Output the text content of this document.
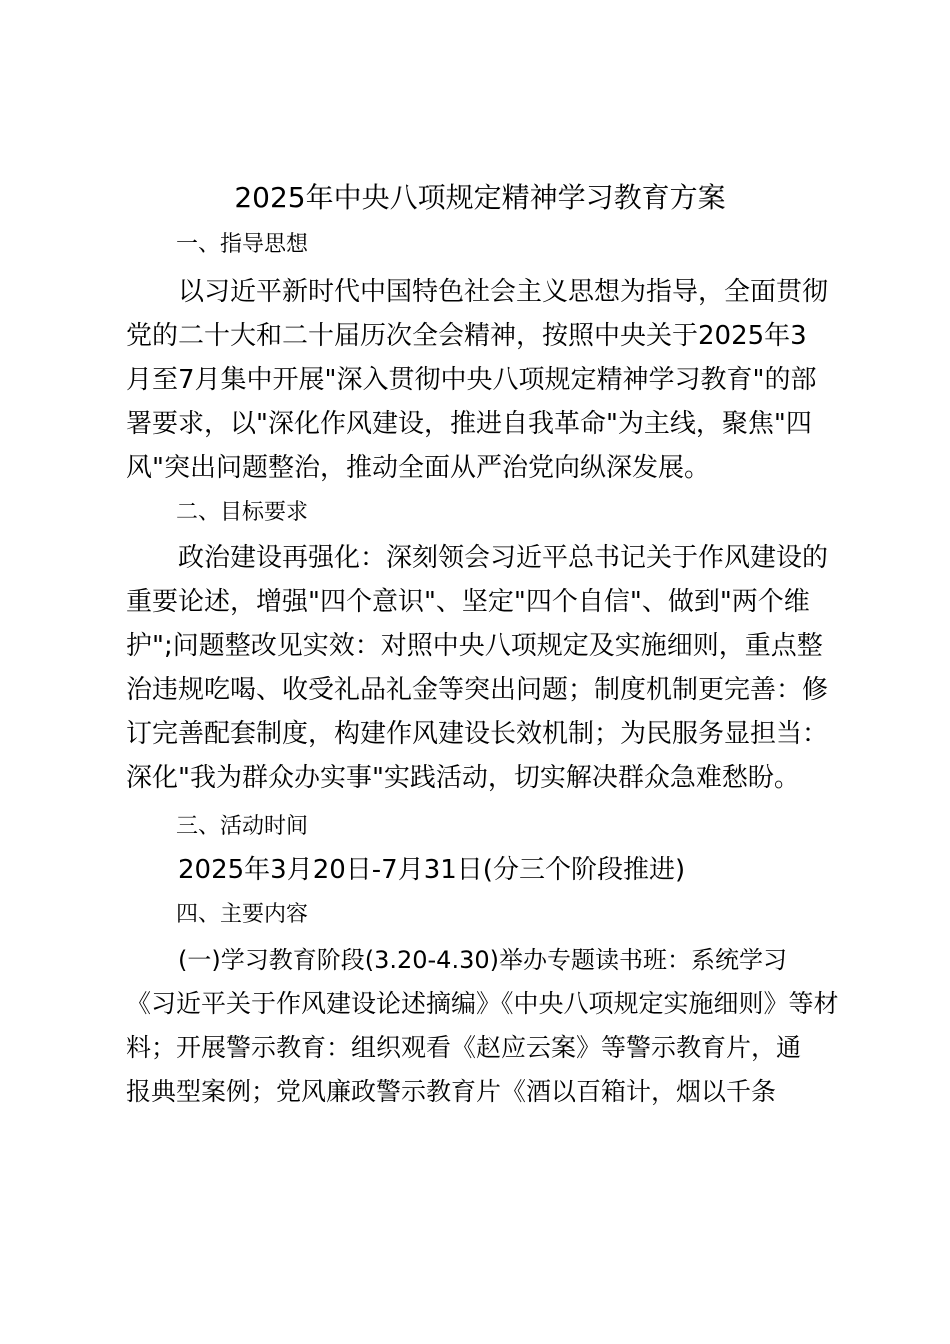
2025年中央八项规定精神学习教育方案
一、指导思想
以习近平新时代中国特色社会主义思想为指导，全面贯彻
党的二十大和二十届历次全会精神，按照中央关于2025年3
月至7月集中开展"深入贯彻中央八项规定精神学习教育"的部
署要求，以"深化作风建设，推进自我革命"为主线，聚焦"四
风"突出问题整治，推动全面从严治党向纵深发展。
二、目标要求
政治建设再强化：深刻领会习近平总书记关于作风建设的
重要论述，增强"四个意识"、坚定"四个自信"、做到"两个维
护";问题整改见实效：对照中央八项规定及实施细则，重点整
治违规吃喝、收受礼品礼金等突出问题；制度机制更完善：修
订完善配套制度，构建作风建设长效机制；为民服务显担当：
深化"我为群众办实事"实践活动，切实解决群众急难愁盼。
三、活动时间
2025年3月20日-7月31日(分三个阶段推进)
四、主要内容
(一)学习教育阶段(3.20-4.30)举办专题读书班：系统学习
《习近平关于作风建设论述摘编》《中央八项规定实施细则》等材
料；开展警示教育：组织观看《赵应云案》等警示教育片，通
报典型案例；党风廉政警示教育片《酒以百箱计，烟以千条
